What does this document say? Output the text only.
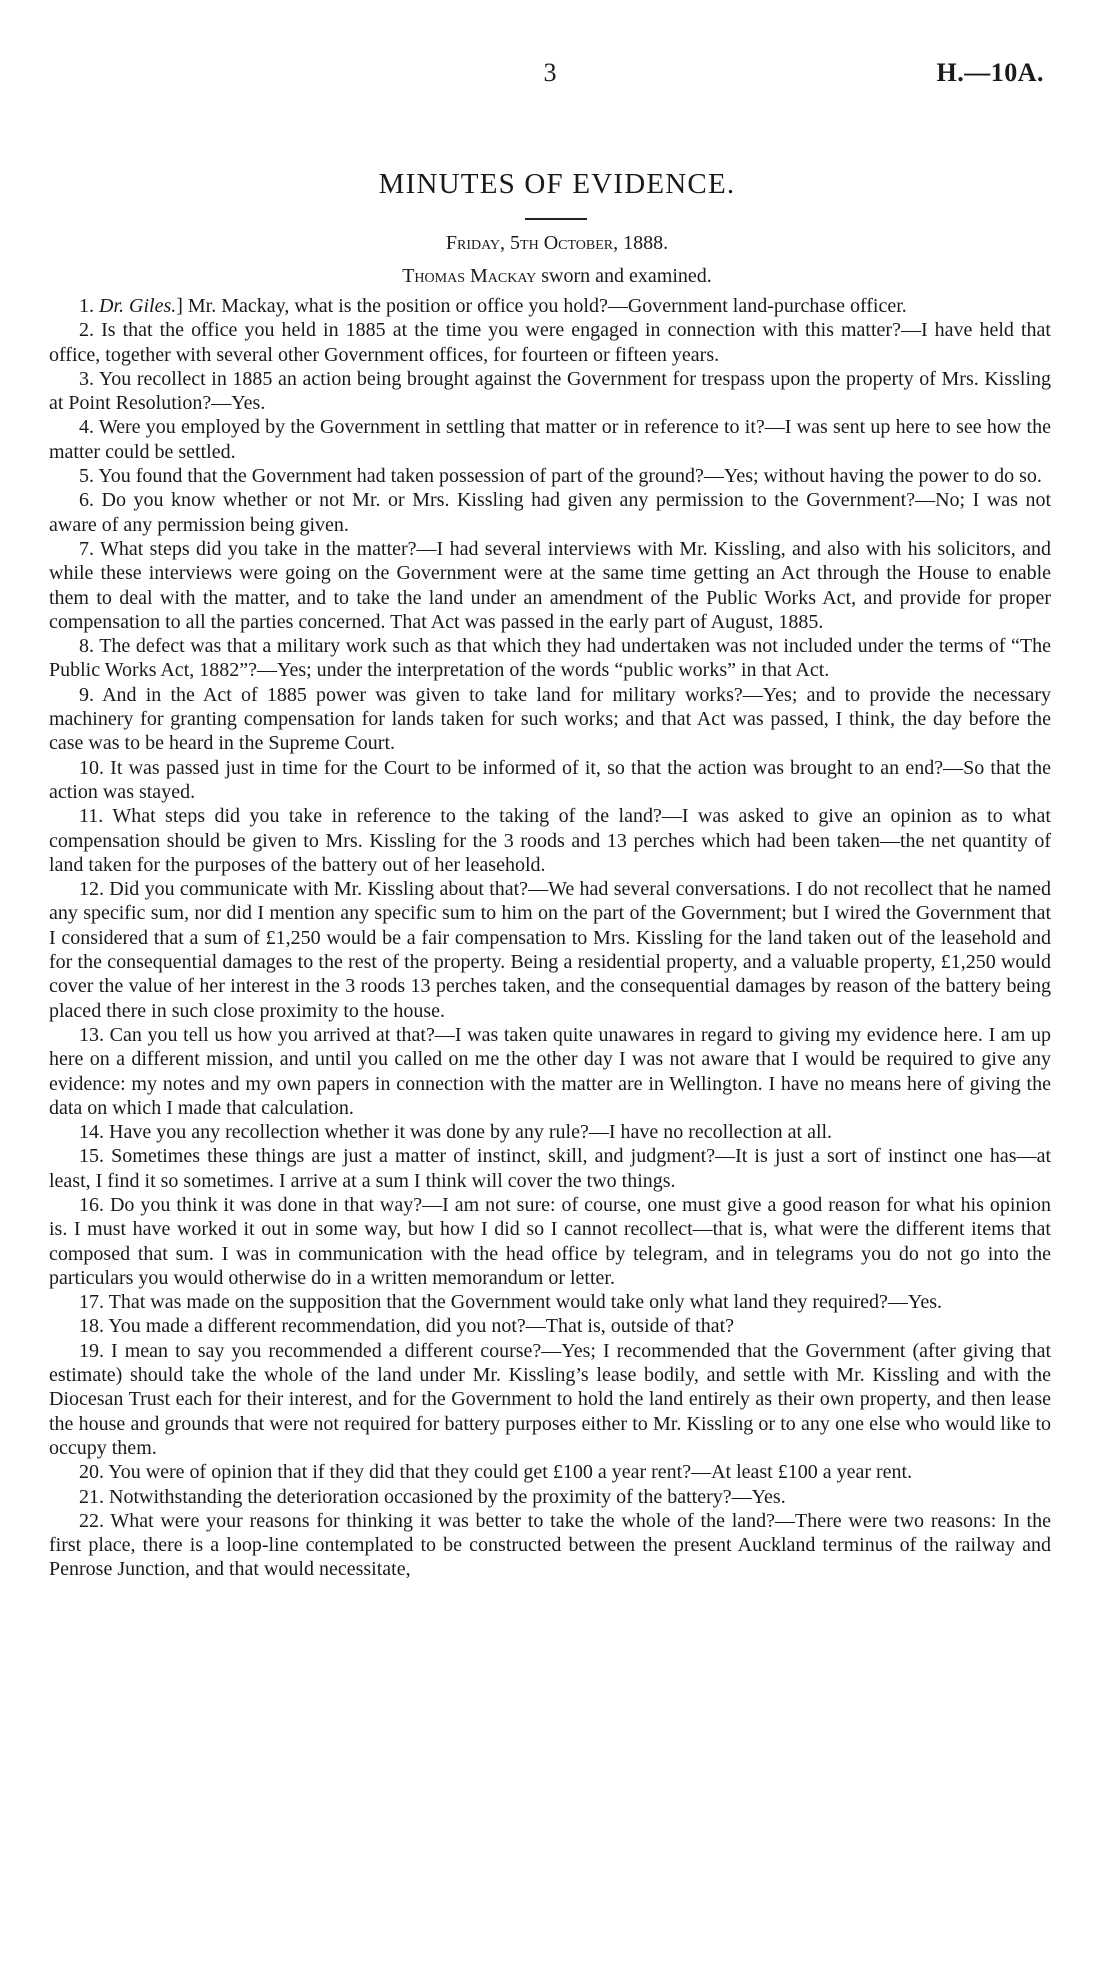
3	H.—10A.
MINUTES OF EVIDENCE.
Friday, 5th October, 1888.
Thomas Mackay sworn and examined.

1. Dr. Giles.] Mr. Mackay, what is the position or office you hold?—Government land-purchase officer.

2. Is that the office you held in 1885 at the time you were engaged in connection with this matter?—I have held that office, together with several other Government offices, for fourteen or fifteen years.

3. You recollect in 1885 an action being brought against the Government for trespass upon the property of Mrs. Kissling at Point Resolution?—Yes.

4. Were you employed by the Government in settling that matter or in reference to it?—I was sent up here to see how the matter could be settled.

5. You found that the Government had taken possession of part of the ground?—Yes; without having the power to do so.

6. Do you know whether or not Mr. or Mrs. Kissling had given any permission to the Government?—No; I was not aware of any permission being given.

7. What steps did you take in the matter?—I had several interviews with Mr. Kissling, and also with his solicitors, and while these interviews were going on the Government were at the same time getting an Act through the House to enable them to deal with the matter, and to take the land under an amendment of the Public Works Act, and provide for proper compensation to all the parties concerned. That Act was passed in the early part of August, 1885.

8. The defect was that a military work such as that which they had undertaken was not included under the terms of “The Public Works Act, 1882”?—Yes; under the interpretation of the words “public works” in that Act.

9. And in the Act of 1885 power was given to take land for military works?—Yes; and to provide the necessary machinery for granting compensation for lands taken for such works; and that Act was passed, I think, the day before the case was to be heard in the Supreme Court.

10. It was passed just in time for the Court to be informed of it, so that the action was brought to an end?—So that the action was stayed.

11. What steps did you take in reference to the taking of the land?—I was asked to give an opinion as to what compensation should be given to Mrs. Kissling for the 3 roods and 13 perches which had been taken—the net quantity of land taken for the purposes of the battery out of her leasehold.

12. Did you communicate with Mr. Kissling about that?—We had several conversations. I do not recollect that he named any specific sum, nor did I mention any specific sum to him on the part of the Government; but I wired the Government that I considered that a sum of £1,250 would be a fair compensation to Mrs. Kissling for the land taken out of the leasehold and for the consequential damages to the rest of the property. Being a residential property, and a valuable property, £1,250 would cover the value of her interest in the 3 roods 13 perches taken, and the consequential damages by reason of the battery being placed there in such close proximity to the house.

13. Can you tell us how you arrived at that?—I was taken quite unawares in regard to giving my evidence here. I am up here on a different mission, and until you called on me the other day I was not aware that I would be required to give any evidence: my notes and my own papers in connection with the matter are in Wellington. I have no means here of giving the data on which I made that calculation.

14. Have you any recollection whether it was done by any rule?—I have no recollection at all.

15. Sometimes these things are just a matter of instinct, skill, and judgment?—It is just a sort of instinct one has—at least, I find it so sometimes. I arrive at a sum I think will cover the two things.

16. Do you think it was done in that way?—I am not sure: of course, one must give a good reason for what his opinion is. I must have worked it out in some way, but how I did so I cannot recollect—that is, what were the different items that composed that sum. I was in communication with the head office by telegram, and in telegrams you do not go into the particulars you would otherwise do in a written memorandum or letter.

17. That was made on the supposition that the Government would take only what land they required?—Yes.

18. You made a different recommendation, did you not?—That is, outside of that?

19. I mean to say you recommended a different course?—Yes; I recommended that the Government (after giving that estimate) should take the whole of the land under Mr. Kissling’s lease bodily, and settle with Mr. Kissling and with the Diocesan Trust each for their interest, and for the Government to hold the land entirely as their own property, and then lease the house and grounds that were not required for battery purposes either to Mr. Kissling or to any one else who would like to occupy them.

20. You were of opinion that if they did that they could get £100 a year rent?—At least £100 a year rent.

21. Notwithstanding the deterioration occasioned by the proximity of the battery?—Yes.

22. What were your reasons for thinking it was better to take the whole of the land?—There were two reasons: In the first place, there is a loop-line contemplated to be constructed between the present Auckland terminus of the railway and Penrose Junction, and that would necessitate,
